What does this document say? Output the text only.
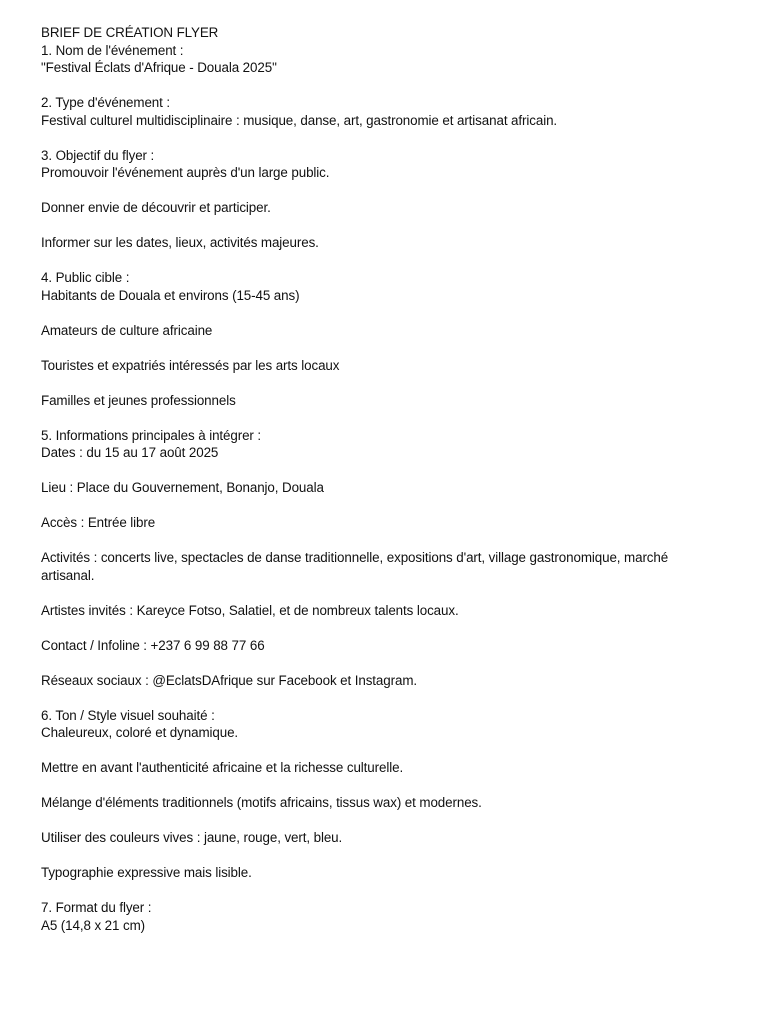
BRIEF DE CRÉATION FLYER

1. Nom de l'événement :

"Festival Éclats d'Afrique - Douala 2025"

2. Type d'événement :

Festival culturel multidisciplinaire : musique, danse, art, gastronomie et artisanat africain.

3. Objectif du flyer :

Promouvoir l'événement auprès d'un large public.

Donner envie de découvrir et participer.

Informer sur les dates, lieux, activités majeures.

4. Public cible :

Habitants de Douala et environs (15-45 ans)

Amateurs de culture africaine

Touristes et expatriés intéressés par les arts locaux

Familles et jeunes professionnels

5. Informations principales à intégrer :

Dates : du 15 au 17 août 2025

Lieu : Place du Gouvernement, Bonanjo, Douala

Accès : Entrée libre

Activités : concerts live, spectacles de danse traditionnelle, expositions d'art, village gastronomique, marché artisanal.

Artistes invités : Kareyce Fotso, Salatiel, et de nombreux talents locaux.

Contact / Infoline : +237 6 99 88 77 66

Réseaux sociaux : @EclatsDAfrique sur Facebook et Instagram.

6. Ton / Style visuel souhaité :

Chaleureux, coloré et dynamique.

Mettre en avant l'authenticité africaine et la richesse culturelle.

Mélange d'éléments traditionnels (motifs africains, tissus wax) et modernes.

Utiliser des couleurs vives : jaune, rouge, vert, bleu.

Typographie expressive mais lisible.

7. Format du flyer :

A5 (14,8 x 21 cm)
